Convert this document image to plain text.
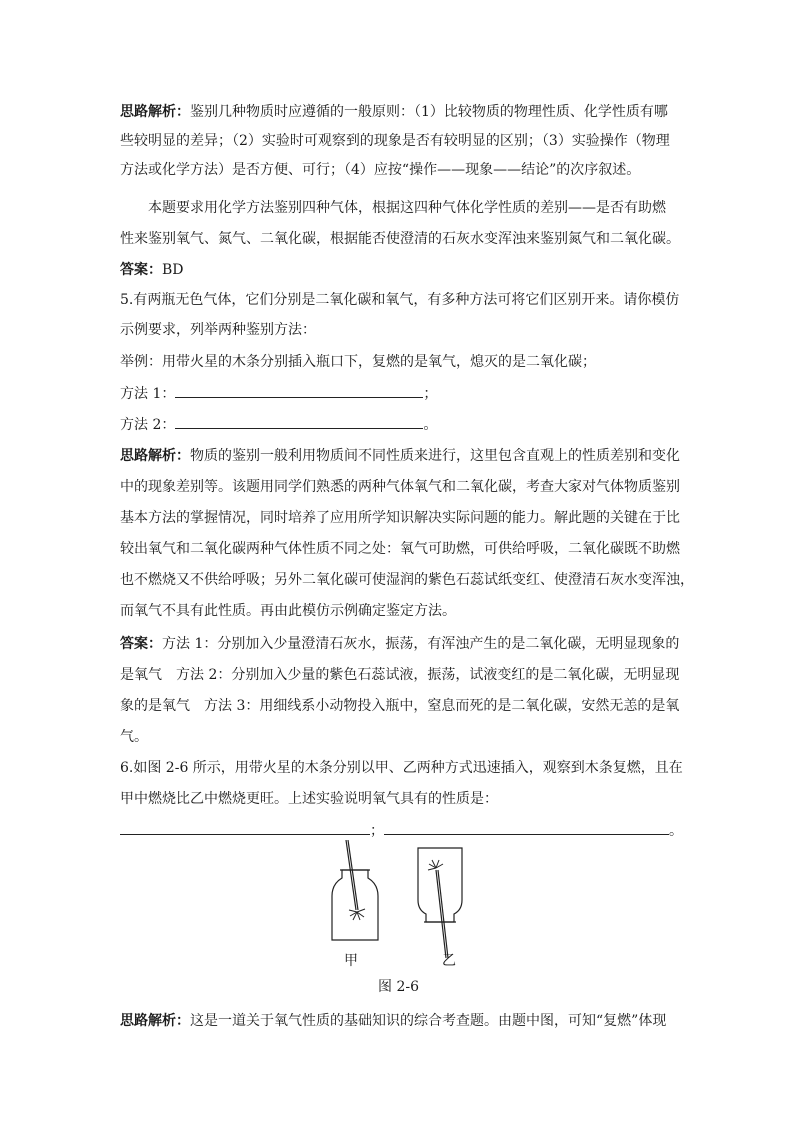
思路解析：鉴别几种物质时应遵循的一般原则：（1）比较物质的物理性质、化学性质有哪
些较明显的差异；（2）实验时可观察到的现象是否有较明显的区别；（3）实验操作（物理
方法或化学方法）是否方便、可行；（4）应按“操作——现象——结论”的次序叙述。
本题要求用化学方法鉴别四种气体，根据这四种气体化学性质的差别——是否有助燃
性来鉴别氧气、氮气、二氧化碳，根据能否使澄清的石灰水变浑浊来鉴别氮气和二氧化碳。
答案：BD
5.有两瓶无色气体，它们分别是二氧化碳和氧气，有多种方法可将它们区别开来。请你模仿
示例要求，列举两种鉴别方法：
举例：用带火星的木条分别插入瓶口下，复燃的是氧气，熄灭的是二氧化碳；
方法 1：	；
方法 2：	。
思路解析：物质的鉴别一般利用物质间不同性质来进行，这里包含直观上的性质差别和变化
中的现象差别等。该题用同学们熟悉的两种气体氧气和二氧化碳，考查大家对气体物质鉴别
基本方法的掌握情况，同时培养了应用所学知识解决实际问题的能力。解此题的关键在于比
较出氧气和二氧化碳两种气体性质不同之处：氧气可助燃，可供给呼吸，二氧化碳既不助燃
也不燃烧又不供给呼吸；另外二氧化碳可使湿润的紫色石蕊试纸变红、使澄清石灰水变浑浊，
而氧气不具有此性质。再由此模仿示例确定鉴定方法。
答案：方法 1：分别加入少量澄清石灰水，振荡，有浑浊产生的是二氧化碳，无明显现象的
是氧气　方法 2：分别加入少量的紫色石蕊试液，振荡，试液变红的是二氧化碳，无明显现
象的是氧气　方法 3：用细线系小动物投入瓶中，窒息而死的是二氧化碳，安然无恙的是氧
气。
6.如图 2-6 所示，用带火星的木条分别以甲、乙两种方式迅速插入，观察到木条复燃，且在
甲中燃烧比乙中燃烧更旺。上述实验说明氧气具有的性质是：
；	。
甲	乙
图 2-6
思路解析：这是一道关于氧气性质的基础知识的综合考查题。由题中图，可知“复燃”体现
